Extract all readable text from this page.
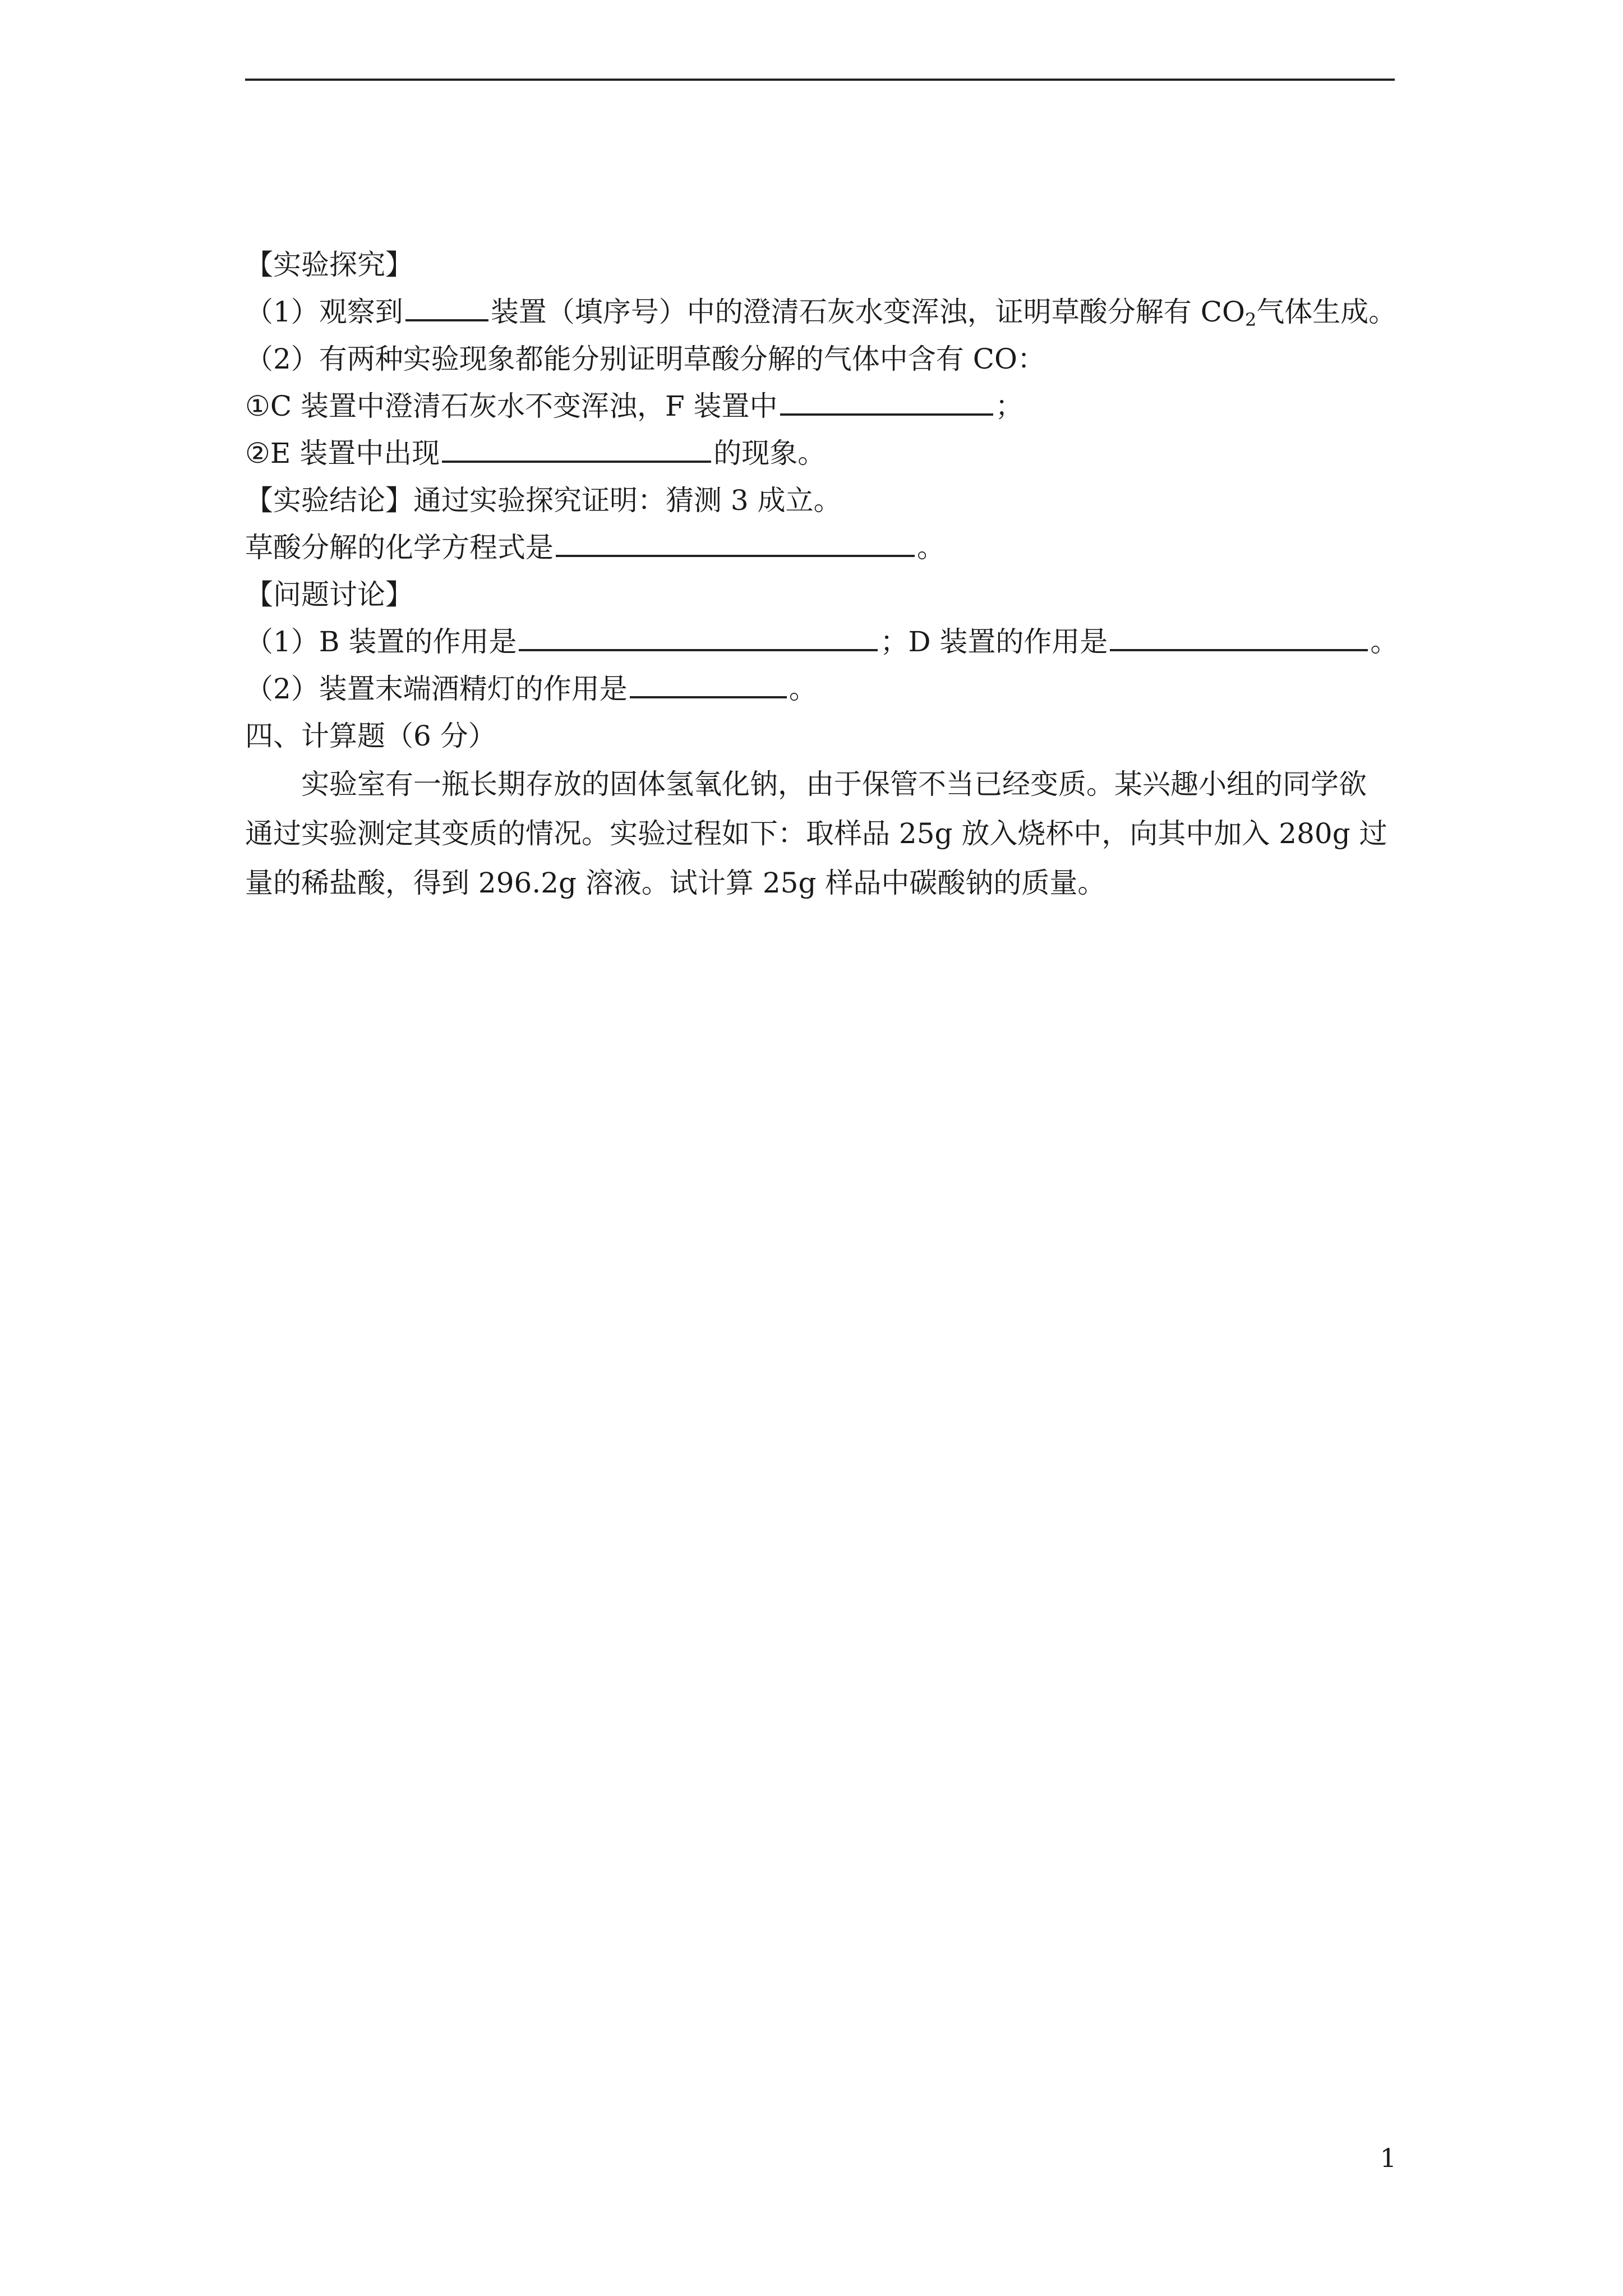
【实验探究】
（1）观察到	装置（填序号）中的澄清石灰水变浑浊，证明草酸分解有 $CO_2$气体生成。
（2）有两种实验现象都能分别证明草酸分解的气体中含有 CO：
①C 装置中澄清石灰水不变浑浊，F 装置中	；
②E 装置中出现	的现象。
【实验结论】通过实验探究证明：猜测 3 成立。
草酸分解的化学方程式是	。
【问题讨论】
（1）B 装置的作用是	；D 装置的作用是	。
（2）装置末端酒精灯的作用是	。
四、计算题（6 分）
实验室有一瓶长期存放的固体氢氧化钠，由于保管不当已经变质。某兴趣小组的同学欲
通过实验测定其变质的情况。实验过程如下：取样品 25g 放入烧杯中，向其中加入 280g 过
量的稀盐酸，得到 296.2g 溶液。试计算 25g 样品中碳酸钠的质量。
1
